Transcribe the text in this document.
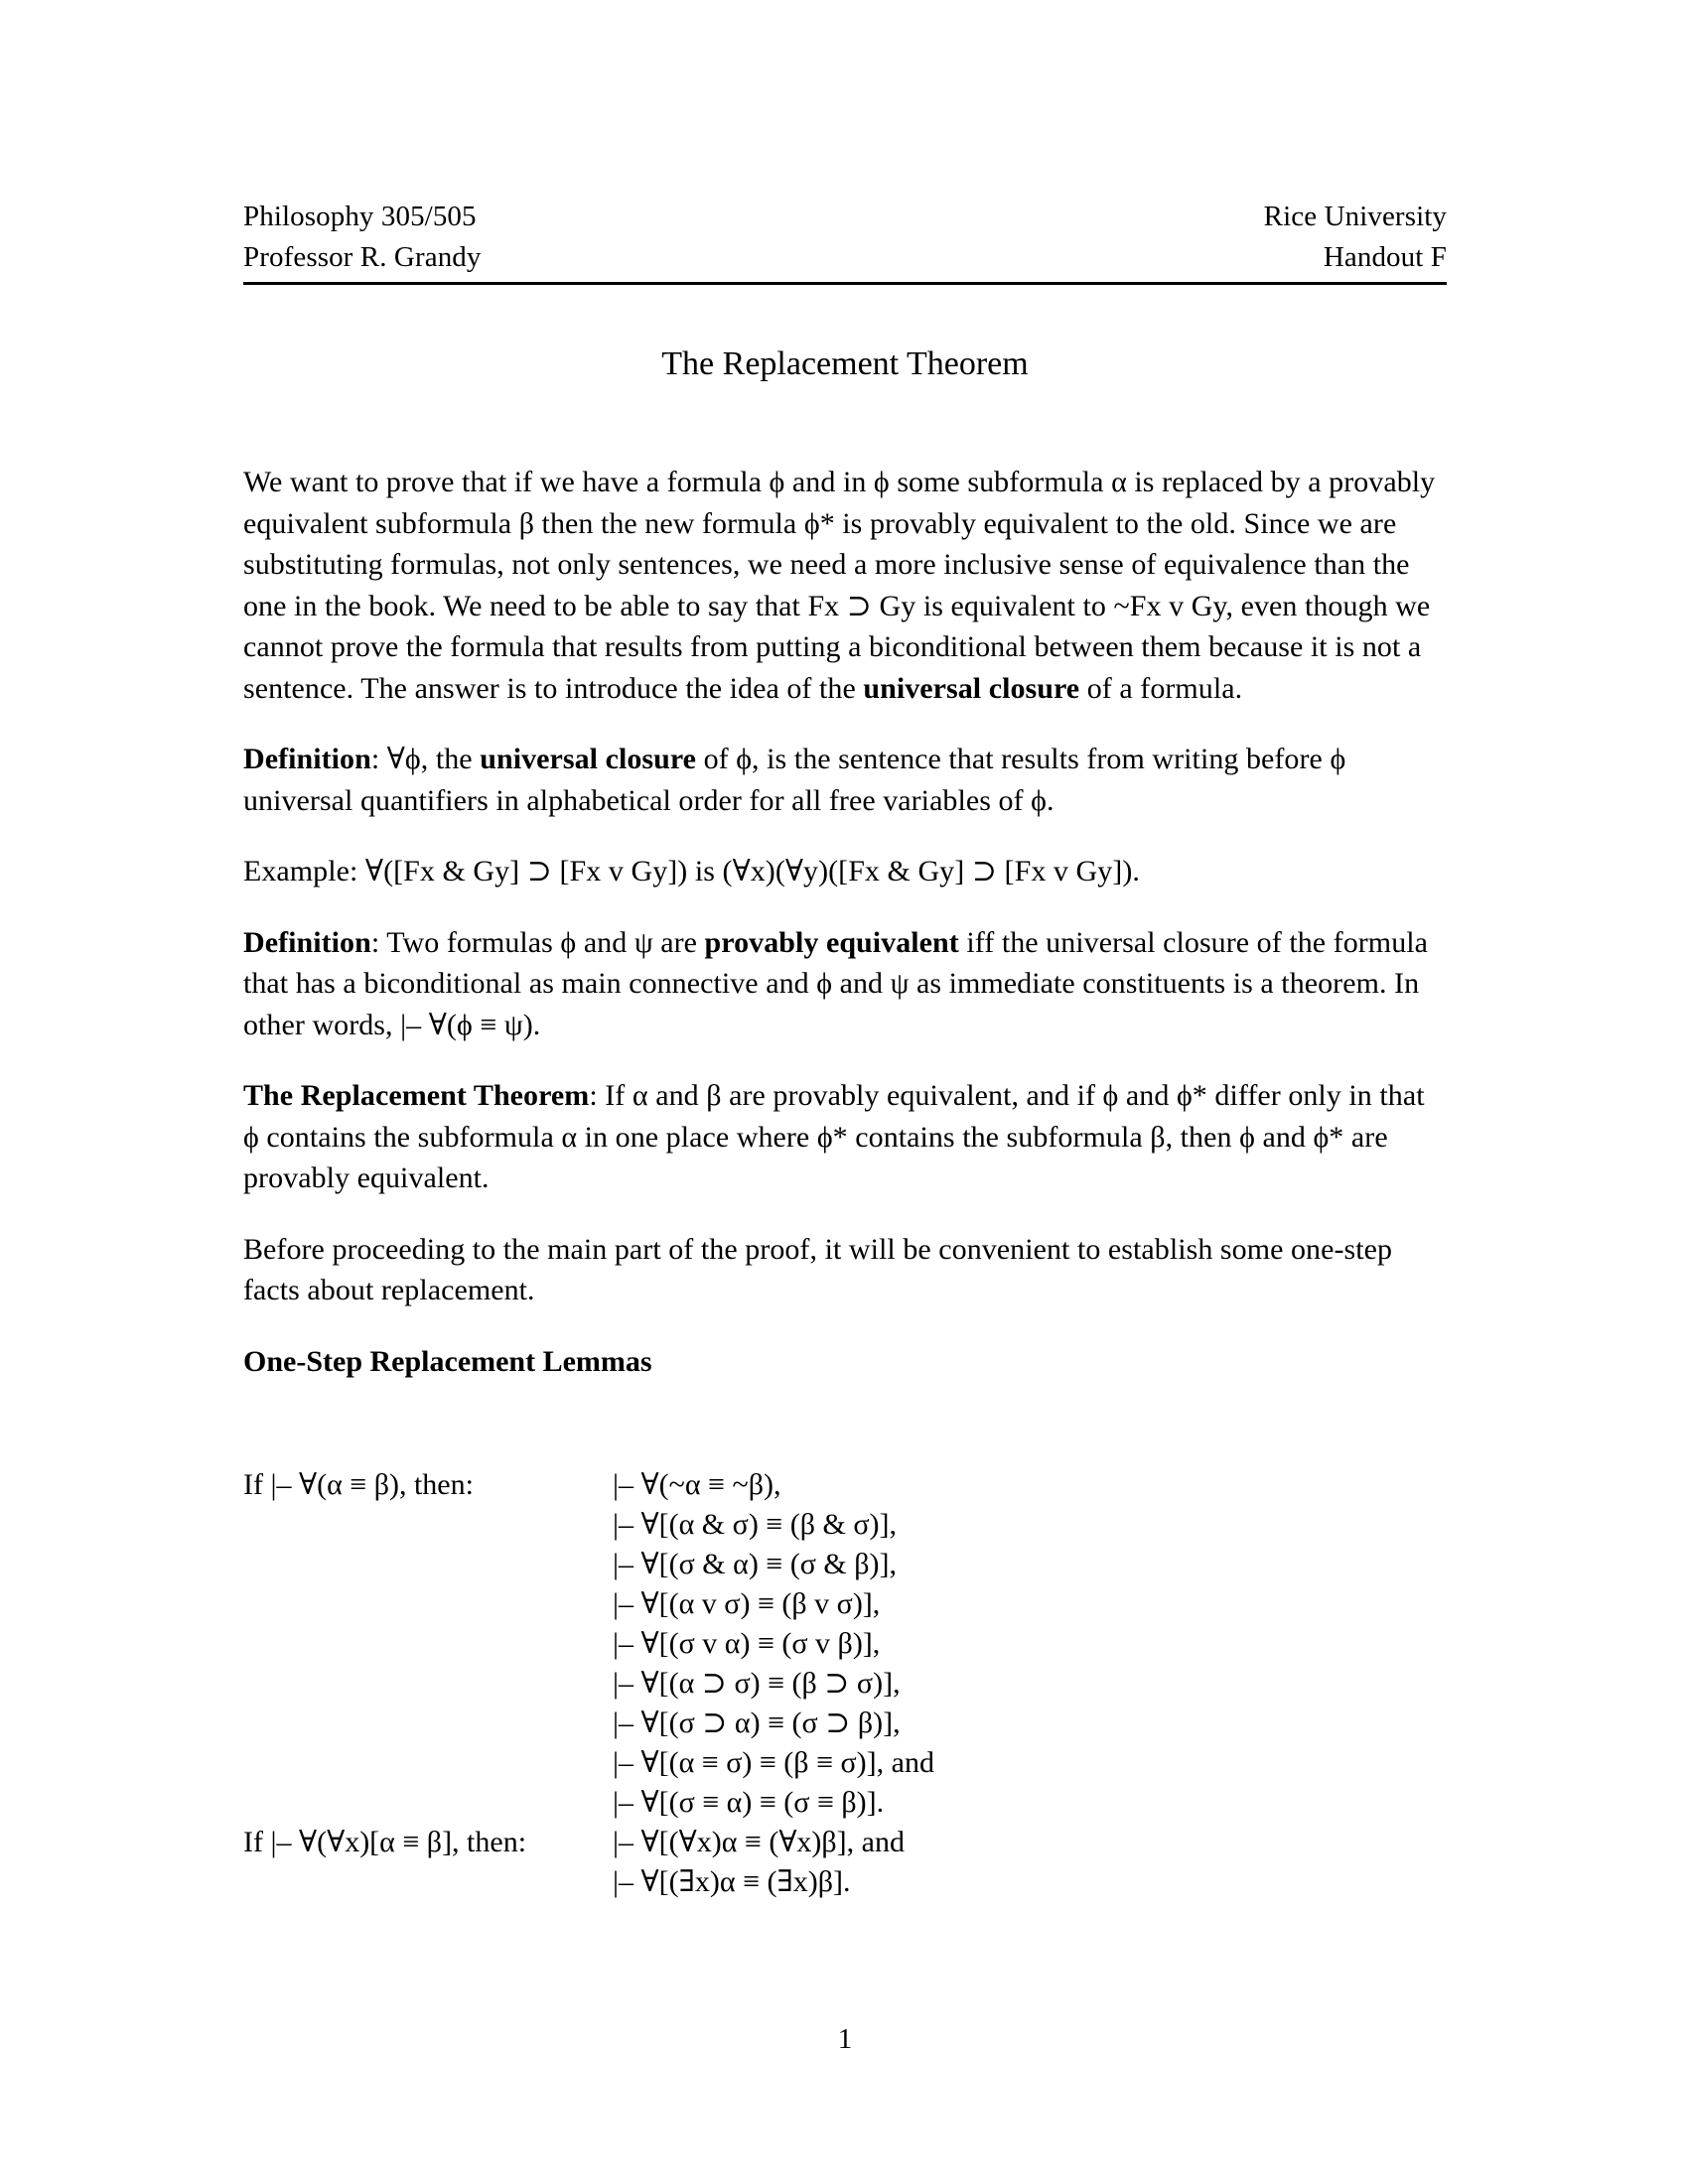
Philosophy 305/505	Rice University
Professor R. Grandy	Handout F
The Replacement Theorem

We want to prove that if we have a formula ϕ and in ϕ some subformula α is replaced by a provably equivalent subformula β then the new formula ϕ* is provably equivalent to the old. Since we are substituting formulas, not only sentences, we need a more inclusive sense of equivalence than the one in the book. We need to be able to say that Fx ⊃ Gy is equivalent to ~Fx v Gy, even though we cannot prove the formula that results from putting a biconditional between them because it is not a sentence. The answer is to introduce the idea of the universal closure of a formula.

Definition: ∀ϕ, the universal closure of ϕ, is the sentence that results from writing before ϕ universal quantifiers in alphabetical order for all free variables of ϕ.

Example: ∀([Fx & Gy] ⊃ [Fx v Gy]) is (∀x)(∀y)([Fx & Gy] ⊃ [Fx v Gy]).

Definition: Two formulas ϕ and ψ are provably equivalent iff the universal closure of the formula that has a biconditional as main connective and ϕ and ψ as immediate constituents is a theorem. In other words, |– ∀(ϕ ≡ ψ).

The Replacement Theorem: If α and β are provably equivalent, and if ϕ and ϕ* differ only in that ϕ contains the subformula α in one place where ϕ* contains the subformula β, then ϕ and ϕ* are provably equivalent.

Before proceeding to the main part of the proof, it will be convenient to establish some one-step facts about replacement.

One-Step Replacement Lemmas
If |– ∀(α ≡ β), then:	|– ∀(~α ≡ ~β),
|– ∀[(α & σ) ≡ (β & σ)],
|– ∀[(σ & α) ≡ (σ & β)],
|– ∀[(α v σ) ≡ (β v σ)],
|– ∀[(σ v α) ≡ (σ v β)],
|– ∀[(α ⊃ σ) ≡ (β ⊃ σ)],
|– ∀[(σ ⊃ α) ≡ (σ ⊃ β)],
|– ∀[(α ≡ σ) ≡ (β ≡ σ)], and
|– ∀[(σ ≡ α) ≡ (σ ≡ β)].
If |– ∀(∀x)[α ≡ β], then:	|– ∀[(∀x)α ≡ (∀x)β], and
|– ∀[(∃x)α ≡ (∃x)β].
1
